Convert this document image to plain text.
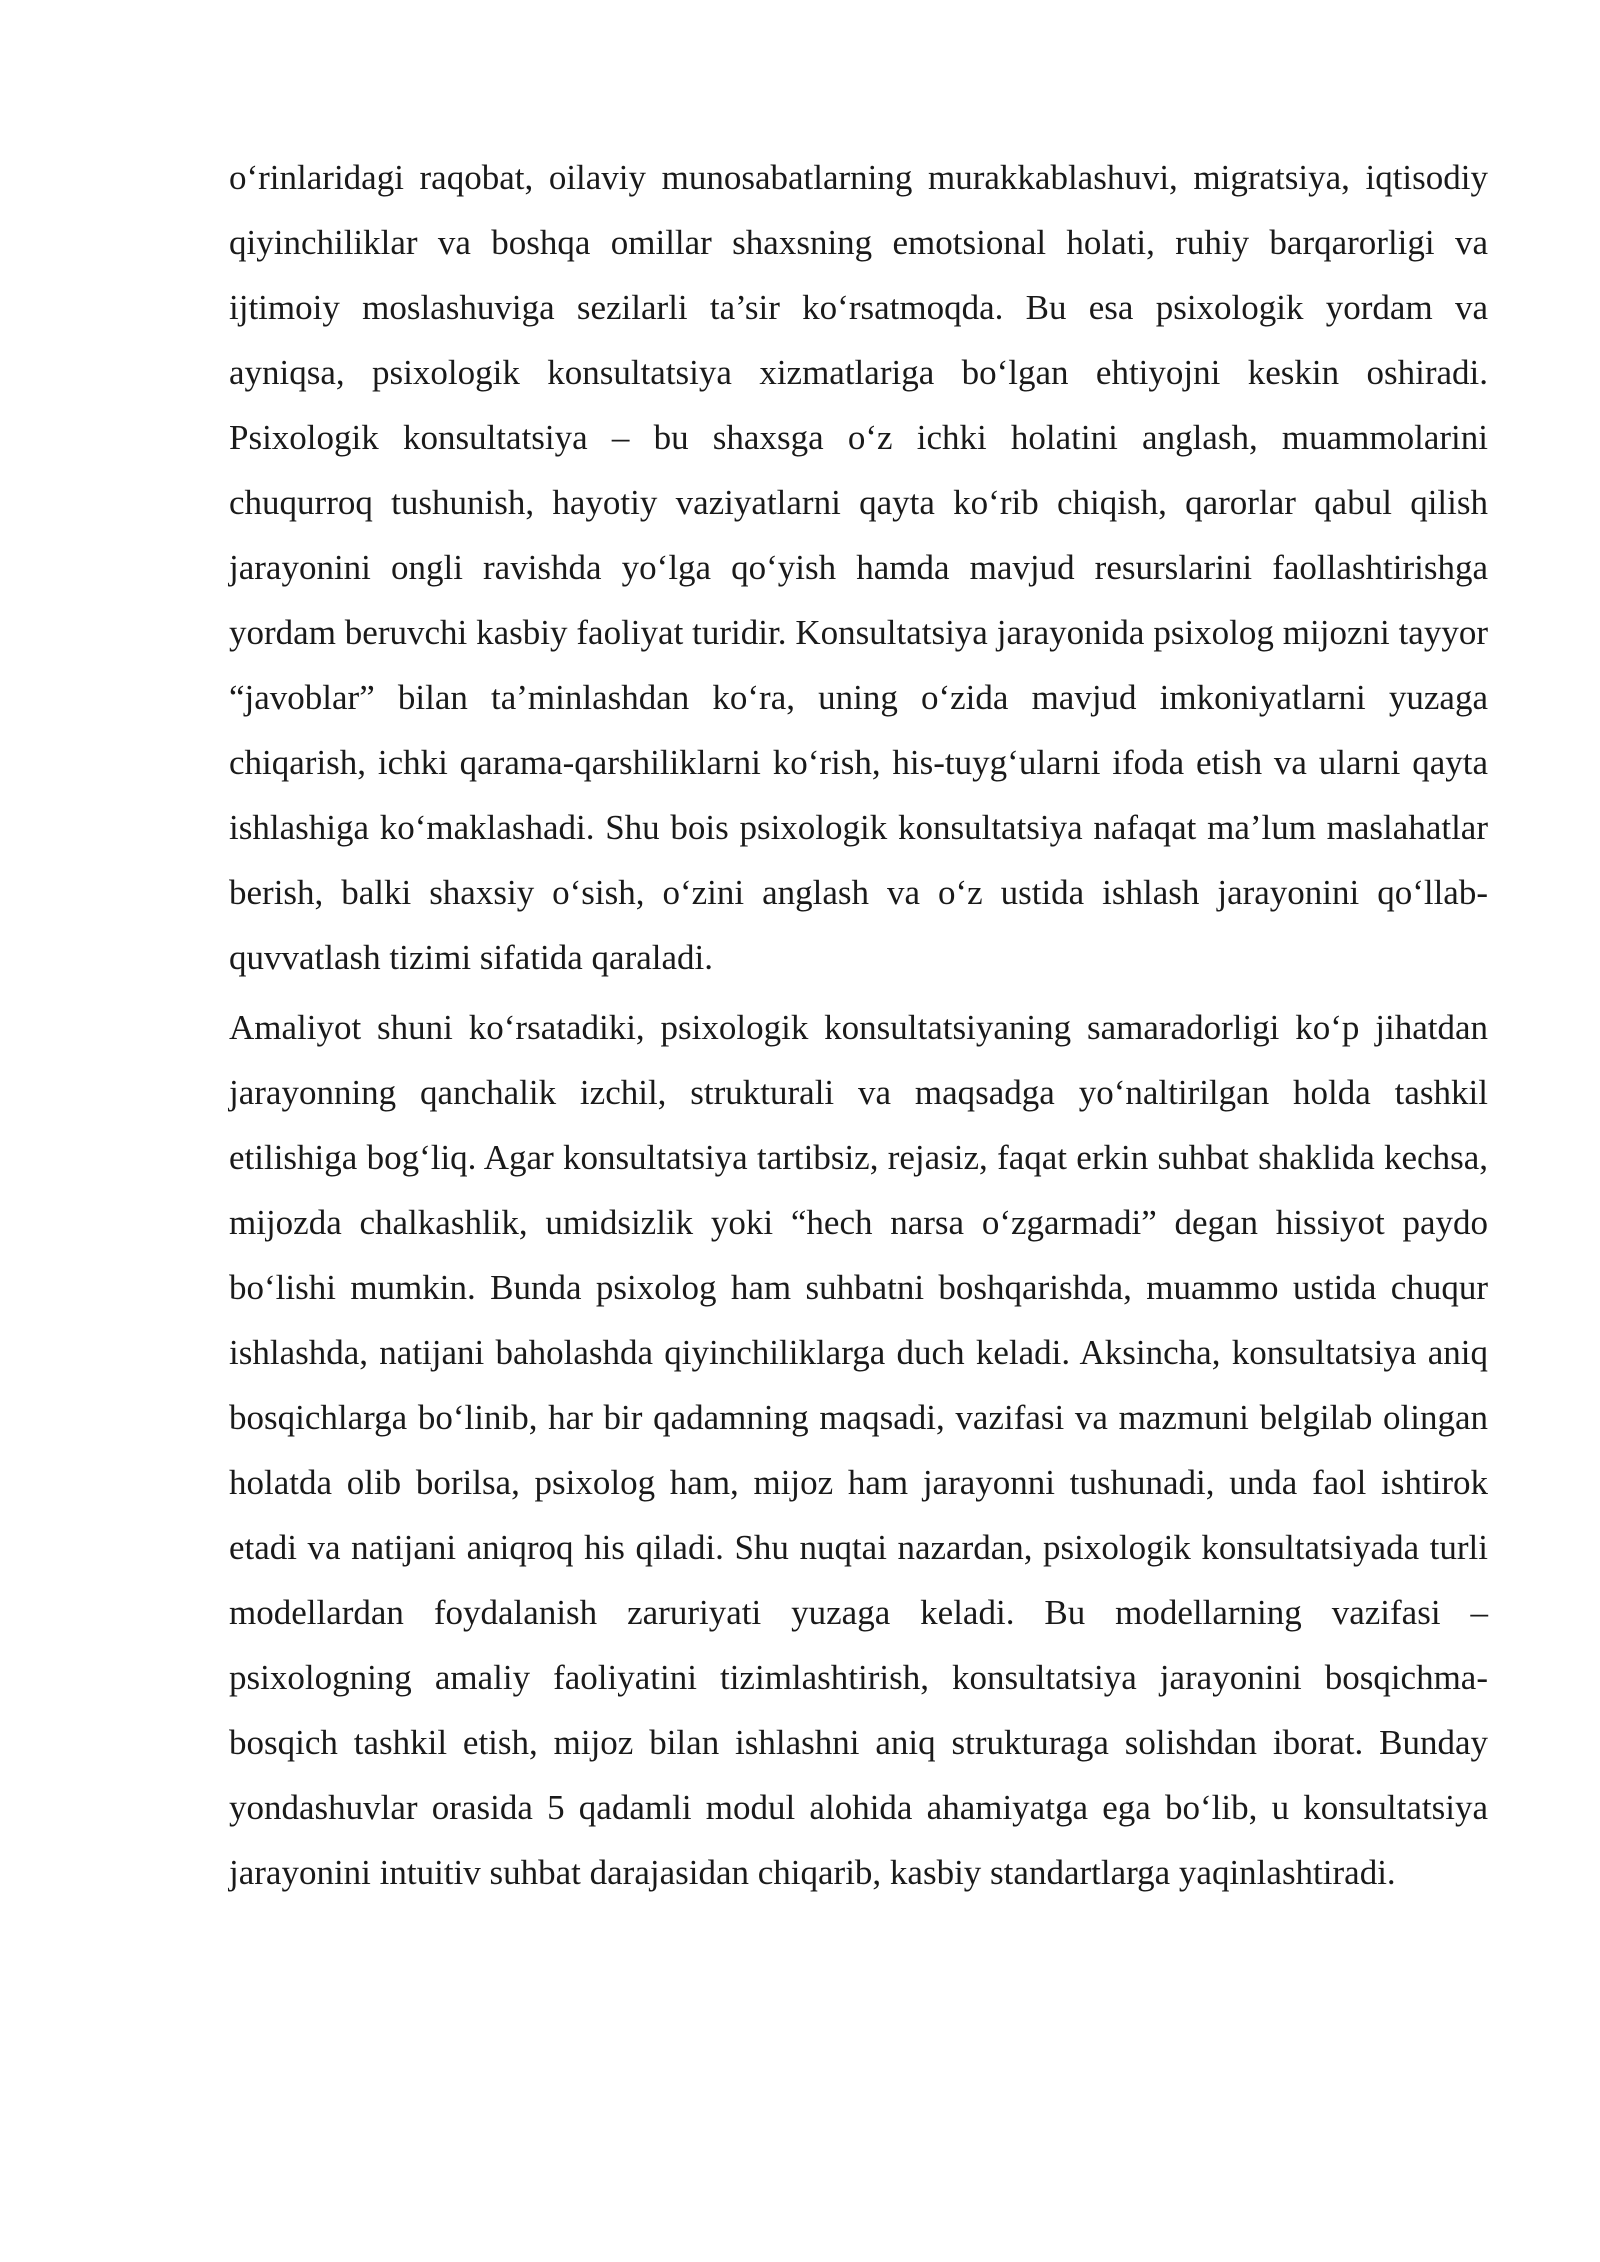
o‘rinlaridagi raqobat, oilaviy munosabatlarning murakkablashuvi, migratsiya, iqtisodiy qiyinchiliklar va boshqa omillar shaxsning emotsional holati, ruhiy barqarorligi va ijtimoiy moslashuviga sezilarli ta’sir ko‘rsatmoqda. Bu esa psixologik yordam va ayniqsa, psixologik konsultatsiya xizmatlariga bo‘lgan ehtiyojni keskin oshiradi. Psixologik konsultatsiya – bu shaxsga o‘z ichki holatini anglash, muammolarini chuqurroq tushunish, hayotiy vaziyatlarni qayta ko‘rib chiqish, qarorlar qabul qilish jarayonini ongli ravishda yo‘lga qo‘yish hamda mavjud resurslarini faollashtirishga yordam beruvchi kasbiy faoliyat turidir. Konsultatsiya jarayonida psixolog mijozni tayyor “javoblar” bilan ta’minlashdan ko‘ra, uning o‘zida mavjud imkoniyatlarni yuzaga chiqarish, ichki qarama-qarshiliklarni ko‘rish, his-tuyg‘ularni ifoda etish va ularni qayta ishlashiga ko‘maklashadi. Shu bois psixologik konsultatsiya nafaqat ma’lum maslahatlar berish, balki shaxsiy o‘sish, o‘zini anglash va o‘z ustida ishlash jarayonini qo‘llab-quvvatlash tizimi sifatida qaraladi.

Amaliyot shuni ko‘rsatadiki, psixologik konsultatsiyaning samaradorligi ko‘p jihatdan jarayonning qanchalik izchil, strukturali va maqsadga yo‘naltirilgan holda tashkil etilishiga bog‘liq. Agar konsultatsiya tartibsiz, rejasiz, faqat erkin suhbat shaklida kechsa, mijozda chalkashlik, umidsizlik yoki “hech narsa o‘zgarmadi” degan hissiyot paydo bo‘lishi mumkin. Bunda psixolog ham suhbatni boshqarishda, muammo ustida chuqur ishlashda, natijani baholashda qiyinchiliklarga duch keladi. Aksincha, konsultatsiya aniq bosqichlarga bo‘linib, har bir qadamning maqsadi, vazifasi va mazmuni belgilab olingan holatda olib borilsa, psixolog ham, mijoz ham jarayonni tushunadi, unda faol ishtirok etadi va natijani aniqroq his qiladi. Shu nuqtai nazardan, psixologik konsultatsiyada turli modellardan foydalanish zaruriyati yuzaga keladi. Bu modellarning vazifasi – psixologning amaliy faoliyatini tizimlashtirish, konsultatsiya jarayonini bosqichma-bosqich tashkil etish, mijoz bilan ishlashni aniq strukturaga solishdan iborat. Bunday yondashuvlar orasida 5 qadamli modul alohida ahamiyatga ega bo‘lib, u konsultatsiya jarayonini intuitiv suhbat darajasidan chiqarib, kasbiy standartlarga yaqinlashtiradi.
